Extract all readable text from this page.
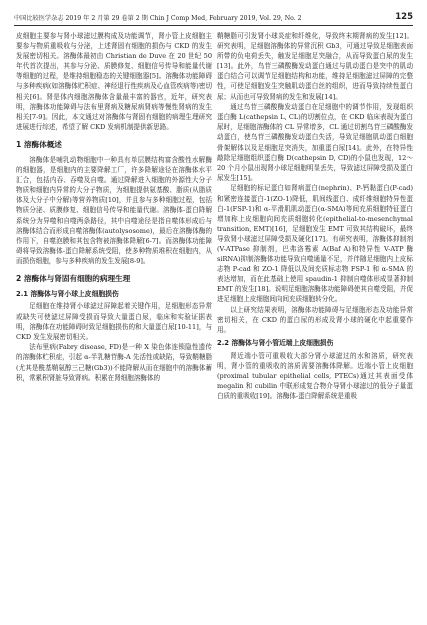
中国比较医学杂志 2019 年 2 月第 29 卷第 2 期 Chin J Comp Med, February 2019, Vol. 29, No. 2	125

皮细胞主要参与肾小球滤过膜构成及功能调节，肾小管上皮细胞主要参与物质重吸收与分泌，上述肾固有细胞的损伤与 CKD 的发生发展密切相关。溶酶体最初由 Christian de Duve 在 20 世纪 50 年代首次提出，其参与分泌、质膜修复、细胞信号传导和能量代谢等细胞的过程，是维持细胞稳态的关键细胞器[5]。溶酶体功能障碍与多种疾病(如溶酶体贮积症、神经退行性疾病及心血管疾病等)密切相关[6]。肾是体内细胞溶酶体含量最丰富的器官，近年，研究表明，溶酶体功能障碍与法布里肾病及糖尿病肾病等慢性肾病的发生相关[7-9]。因此，本文通过对溶酶体与肾固有细胞的病理生理研究进展进行综述，希望了解 CKD 发病机制提供新思路。

1 溶酶体概述

溶酶体是哺乳动物细胞中一种具有单层膜结构富含酸性水解酶的细胞器，是细胞内的主要降解工厂，许多降解途径在溶酶体水平汇合，包括内吞、吞噬及自噬。通过降解进入细胞的外源性大分子物质和细胞内异常的大分子物质，为细胞提供氨基酸、脂质(从脂质体及大分子中分解)等营养物质[10]，并且参与多种细胞过程，包括物质分泌、质膜修复、细胞信号传导和能量代谢。溶酶体-蛋白降解系统分为异噬和自噬两条路径，其中自噬途径是指自噬体形成后与溶酶体结合而形成自噬溶酶体(autolysosome)，最后在溶酶体酶的作用下，自噬泡膜和其包含物被溶酶体降解[6-7]。而溶酶体功能障碍将导致溶酶体-蛋白降解系统受阻，使多种物质堆积在细胞内，从而损伤细胞，参与多种疾病的发生发展[8-9]。

2 溶酶体与肾固有细胞的病理生理
2.1 溶酶体与肾小球上皮细胞损伤

足细胞在维持肾小球滤过屏障起着关键作用，足细胞形态异常或缺失可使滤过屏障受损而导致大量蛋白尿，临床和实验证据表明，溶酶体在功能障碍时致足细胞损伤的和大量蛋白尿[10-11]，与 CKD 发生发展密切相关。

法布里病(Fabry disease, FD)是一种 X 染色体连锁隐性遗传的溶酶体贮积症，引起 α-半乳糖苷酶-A 先活性或缺陷，导致鞘糖脂(尤其是酰基鞘氨醇三己糖(Gb3))不能降解从而在细胞中的溶酶体蓄积，常累积肾脏导致肾病。积累在肾细胞溶酶体的

鞘糖脂可引发肾小球炎症和纤维化，导致终末期肾病的发生[12]。研究表明，足细胞溶酶体的异常沉积 Gb3，可通过导致足细胞表面所带的负电荷丢失，触发足细胞足突融合，从而导致蛋白尿的发生[13]。此外，鸟苷三磷酸酶发动蛋白通过与肌动蛋白是突中的肌动蛋白结合可以调节足细胞结构和功能，维持足细胞滤过屏障的完整性，可使足细胞发生突触肌动蛋白丝的组织，进而导致持续性蛋白尿；从而也可导致肾病的发生和发展[14]。

通过鸟苷三磷酸酶发动蛋白在足细胞中的调节作用，发现组织蛋白酶 L(cathepsin L, CL)的切割位点，在 CKD 临床表现为蛋白尿时，足细胞溶酶体的 CL 异常增多，CL 通过切割鸟苷三磷酸酶发动蛋白，使鸟苷三磷酸酶发动蛋白失活，导致足细胞肌动蛋白细胞骨架解体以及足细胞足突消失，加重蛋白尿[14]。此外，在特异性敲除足细胞组织蛋白酶 D(cathepsin D, CD)的小鼠也发现，12～20 个月小鼠出现肾小球足细胞明显丢失，导致滤过屏障受损及蛋白尿发生[15]。

足细胞的标记蛋白如肾病蛋白(nephrin)、P-钙黏蛋白(P-cad)和紧密连接蛋白-1(ZO-1)降低，肌间线蛋白、成纤维细胞特异性蛋白-1(FSP-1)和 α-平滑肌肌动蛋白(α-SMA)等间充质细胞特征蛋白增加称上皮细胞向间充质细胞转化(epithelial-to-mesenchymal transition, EMT)[16]，足细胞发生 EMT 可致其结构破坏，最终导致肾小球滤过屏障受损及硬化[17]。有研究表明，溶酶体抑制剂(V-ATPase 抑制剂，巴弗洛霉素 A(Baf A)和特异性 V-ATP 酶 siRNA)抑制溶酶体功能导致自噬通量不足，并伴随足细胞内上皮标志物 P-cad 和 ZO-1 降低以及间充质标志物 FSP-1 和 α-SMA 的表达增加，而在此基础上使用 spaudin-1 抑制自噬体形成显著抑制 EMT 的发生[18]。说明足细胞溶酶体功能障碍使其自噬受阻，并促进足细胞上皮细胞间向间充质细胞转分化。

以上研究结果表明，溶酶体功能障碍与足细胞形态及功能异常密切相关，在 CKD 的蛋白尿的形成及肾小球的硬化中起重要作用。

2.2 溶酶体与肾小管近端上皮细胞损伤

肾近端小管可重吸收大部分肾小球滤过的水和溶质，研究表明，肾小管的重吸收的溶质需要溶酶体降解。近端小管上皮细胞(proximal tubular epithelial cells, PTECs)通过其表面受体 megalin 和 cubilin 中联形成复合物介导肾小球滤过的低分子量蛋白质的重吸收[19]。溶酶体-蛋白降解系统是重吸
